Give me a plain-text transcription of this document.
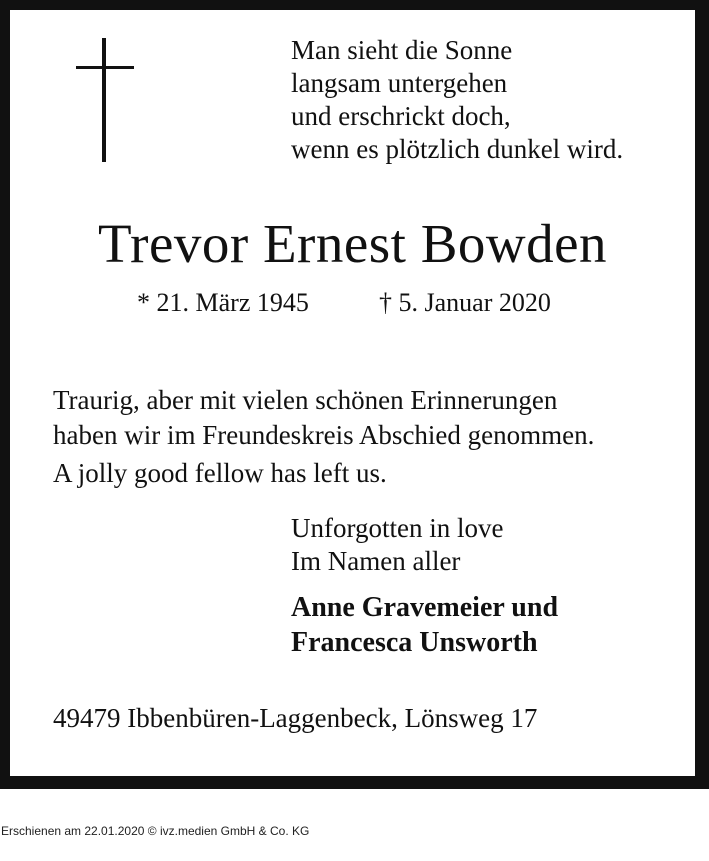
Man sieht die Sonne
langsam untergehen
und erschrickt doch,
wenn es plötzlich dunkel wird.
Trevor Ernest Bowden
* 21. März 1945	† 5. Januar 2020
Traurig, aber mit vielen schönen Erinnerungen
haben wir im Freundeskreis Abschied genommen.
A jolly good fellow has left us.
Unforgotten in love
Im Namen aller
Anne Gravemeier und
Francesca Unsworth
49479 Ibbenbüren-Laggenbeck, Lönsweg 17
Erschienen am 22.01.2020 © ivz.medien GmbH & Co. KG
